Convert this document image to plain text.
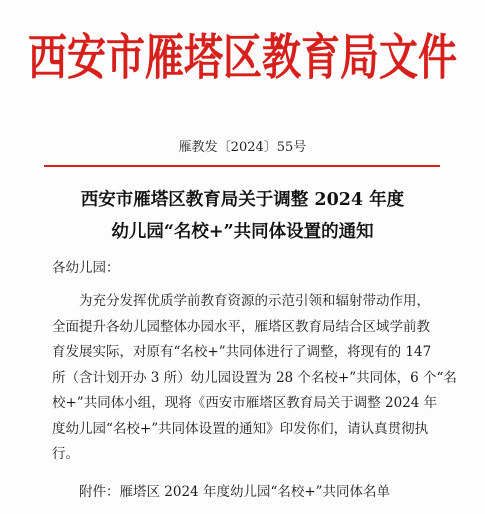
西安市雁塔区教育局文件
雁教发〔2024〕55号
西安市雁塔区教育局关于调整 2024 年度
幼儿园“名校+”共同体设置的通知
各幼儿园：
为充分发挥优质学前教育资源的示范引领和辐射带动作用，
全面提升各幼儿园整体办园水平，雁塔区教育局结合区域学前教
育发展实际，对原有“名校+”共同体进行了调整，将现有的 147
所（含计划开办 3 所）幼儿园设置为 28 个名校+”共同体，6 个“名
校+”共同体小组，现将《西安市雁塔区教育局关于调整 2024 年
度幼儿园“名校+”共同体设置的通知》印发你们，请认真贯彻执
行。
附件：雁塔区 2024 年度幼儿园“名校+”共同体名单
